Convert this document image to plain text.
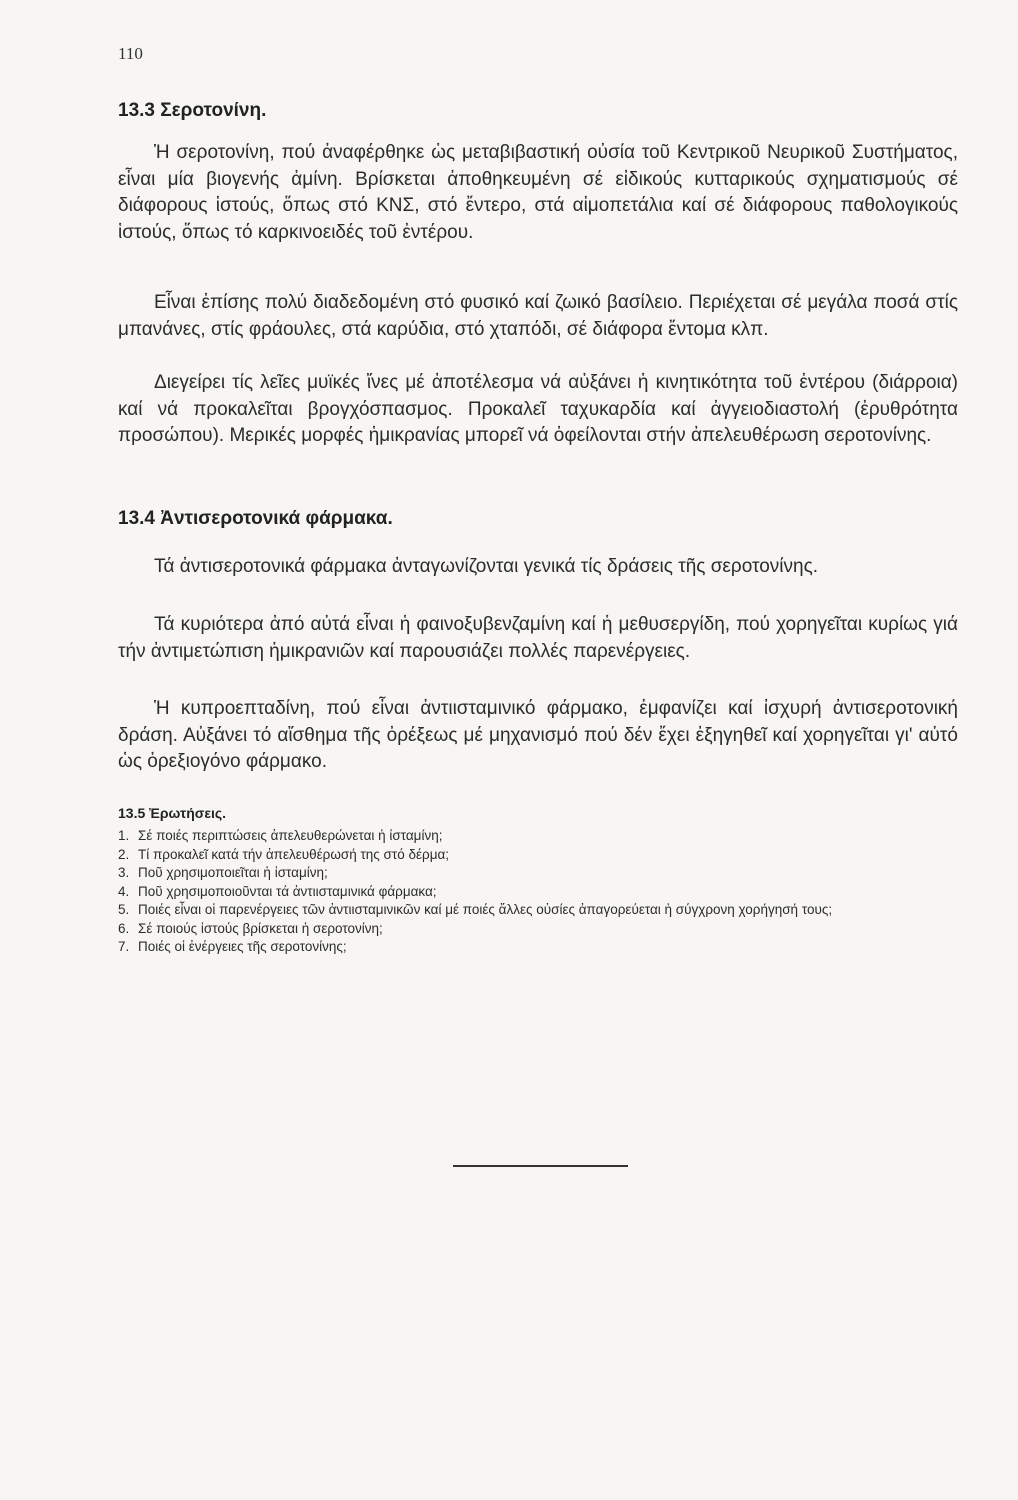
110
13.3 Σεροτονίνη.

Ἡ σεροτονίνη, πού ἀναφέρθηκε ὡς μεταβιβαστική οὐσία τοῦ Κεντρικοῦ Νευρικοῦ Συστήματος, εἶναι μία βιογενής ἀμίνη. Βρίσκεται ἀποθηκευμένη σέ εἰδικούς κυτταρικούς σχηματισμούς σέ διάφορους ἱστούς, ὅπως στό ΚΝΣ, στό ἔντερο, στά αἱμοπετάλια καί σέ διάφορους παθολογικούς ἱστούς, ὅπως τό καρκινοειδές τοῦ ἐντέρου.

Εἶναι ἐπίσης πολύ διαδεδομένη στό φυσικό καί ζωικό βασίλειο. Περιέχεται σέ μεγάλα ποσά στίς μπανάνες, στίς φράουλες, στά καρύδια, στό χταπόδι, σέ διάφορα ἔντομα κλπ.

Διεγείρει τίς λεῖες μυϊκές ἴνες μέ ἀποτέλεσμα νά αὐξάνει ἡ κινητικότητα τοῦ ἐντέρου (διάρροια) καί νά προκαλεῖται βρογχόσπασμος. Προκαλεῖ ταχυκαρδία καί ἀγγειοδιαστολή (ἐρυθρότητα προσώπου). Μερικές μορφές ἡμικρανίας μπορεῖ νά ὀφείλονται στήν ἀπελευθέρωση σεροτονίνης.

13.4 Ἀντισεροτονικά φάρμακα.

Τά ἀντισεροτονικά φάρμακα ἀνταγωνίζονται γενικά τίς δράσεις τῆς σεροτονίνης.

Τά κυριότερα ἀπό αὐτά εἶναι ἡ φαινοξυβενζαμίνη καί ἡ μεθυσεργίδη, πού χορηγεῖται κυρίως γιά τήν ἀντιμετώπιση ἡμικρανιῶν καί παρουσιάζει πολλές παρενέργειες.

Ἡ κυπροεπταδίνη, πού εἶναι ἀντιισταμινικό φάρμακο, ἐμφανίζει καί ἰσχυρή ἀντισεροτονική δράση. Αὐξάνει τό αἴσθημα τῆς ὀρέξεως μέ μηχανισμό πού δέν ἔχει ἐξηγηθεῖ καί χορηγεῖται γι' αὐτό ὡς ὀρεξιογόνο φάρμακο.

13.5 Ἐρωτήσεις.
1. Σέ ποιές περιπτώσεις ἀπελευθερώνεται ἡ ἰσταμίνη;
2. Τί προκαλεῖ κατά τήν ἀπελευθέρωσή της στό δέρμα;
3. Ποῦ χρησιμοποιεῖται ἡ ἰσταμίνη;
4. Ποῦ χρησιμοποιοῦνται τά ἀντιισταμινικά φάρμακα;
5. Ποιές εἶναι οἱ παρενέργειες τῶν ἀντιισταμινικῶν καί μέ ποιές ἄλλες οὐσίες ἀπαγορεύεται ἡ σύγχρονη χορήγησή τους;
6. Σέ ποιούς ἱστούς βρίσκεται ἡ σεροτονίνη;
7. Ποιές οἱ ἐνέργειες τῆς σεροτονίνης;
